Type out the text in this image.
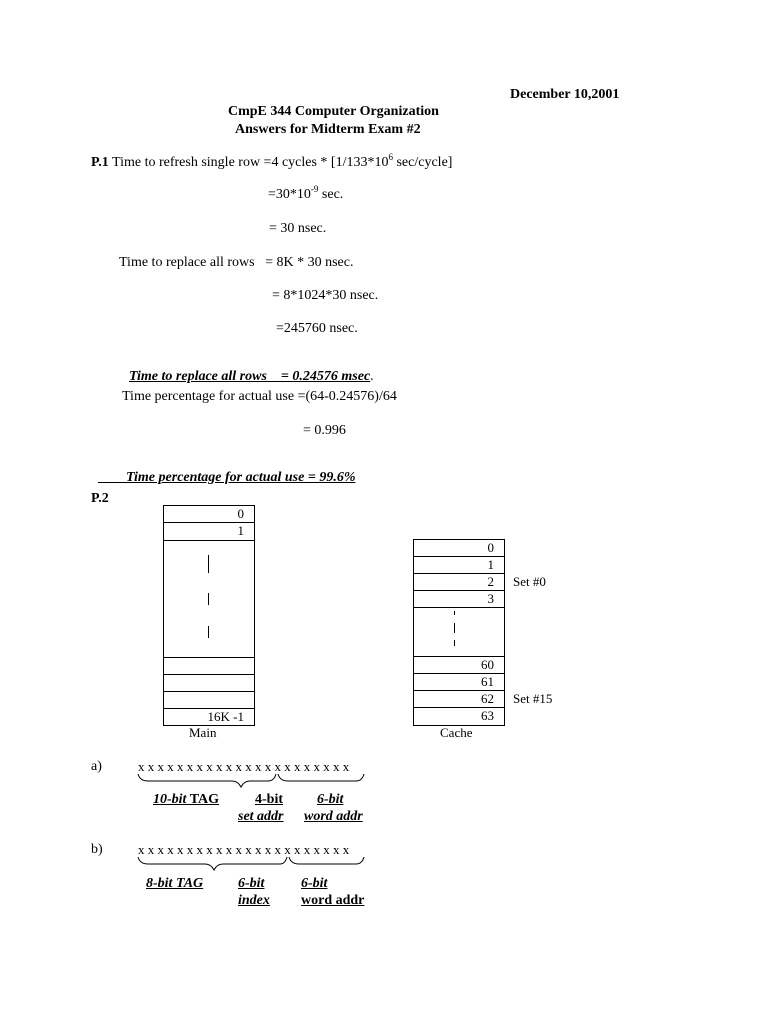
December 10,2001
CmpE 344 Computer Organization
Answers for Midterm Exam #2
P.1 Time to refresh single row =4 cycles * [$1/133*10^6$ sec/cycle]
$=30*10^{-9}$ sec.
= 30 nsec.
Time to replace all rows   = 8K * 30 nsec.
= 8*1024*30 nsec.
=245760 nsec.

Time to replace all rows    = 0.24576 msec.

Time percentage for actual use =(64-0.24576)/64
= 0.996

Time percentage for actual use = 99.6%

P.2
0
1
16K -1
Main
0
1
2
3
60
61
62
63
Set #0
Set #15
Cache
a)	x x x x x x x x x x x x x x x x x x x x x x
10-bit TAG	4-bit
set addr
6-bit
word addr
b)	x x x x x x x x x x x x x x x x x x x x x x
8-bit TAG 6-bit
index
6-bit
word addr
